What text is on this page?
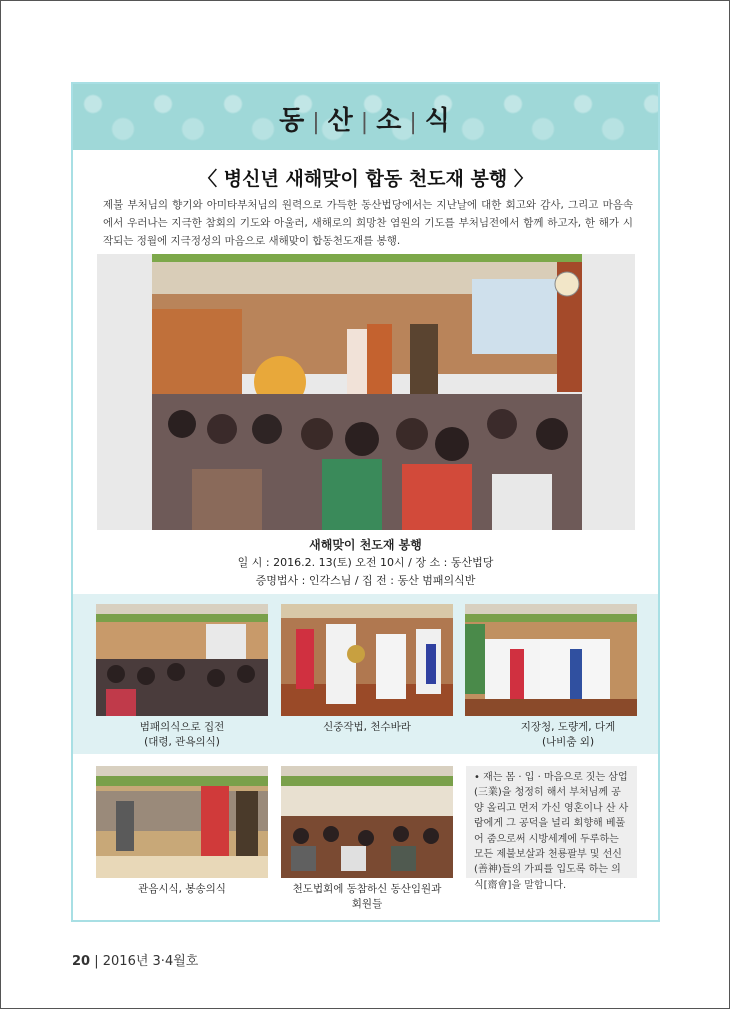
동 | 산 | 소 | 식
〈 병신년 새해맞이 합동 천도재 봉행 〉
제불 부처님의 향기와 아미타부처님의 원력으로 가득한 동산법당에서는 지난날에 대한 회고와 감사, 그리고 마음속에서 우러나는 지극한 참회의 기도와 아울러, 새해로의 희망찬 염원의 기도를 부처님전에서 함께 하고자, 한 해가 시작되는 정월에 지극정성의 마음으로 새해맞이 합동천도재를 봉행.
새해맞이 천도재 봉행
일 시 : 2016.2. 13(토) 오전 10시 / 장 소 : 동산법당
증명법사 : 인각스님 / 집 전 : 동산 범패의식반
범패의식으로 집전
(대령, 관욕의식)
신중작법, 천수바라	지장청, 도량게, 다게
(나비춤 외)
관음시식, 봉송의식	천도법회에 동참하신 동산임원과
회원들
• 재는 몸 · 입 · 마음으로 짓는 삼업(三業)을 청정히 해서 부처님께 공양 올리고 먼저 가신 영혼이나 산 사람에게 그 공덕을 널리 회향해 베풀어 줌으로써 시방세계에 두루하는 모든 제불보살과 천룡팔부 및 선신(善神)들의 가피를 입도록 하는 의식[齋會]을 말합니다.
20 | 2016년 3·4월호
